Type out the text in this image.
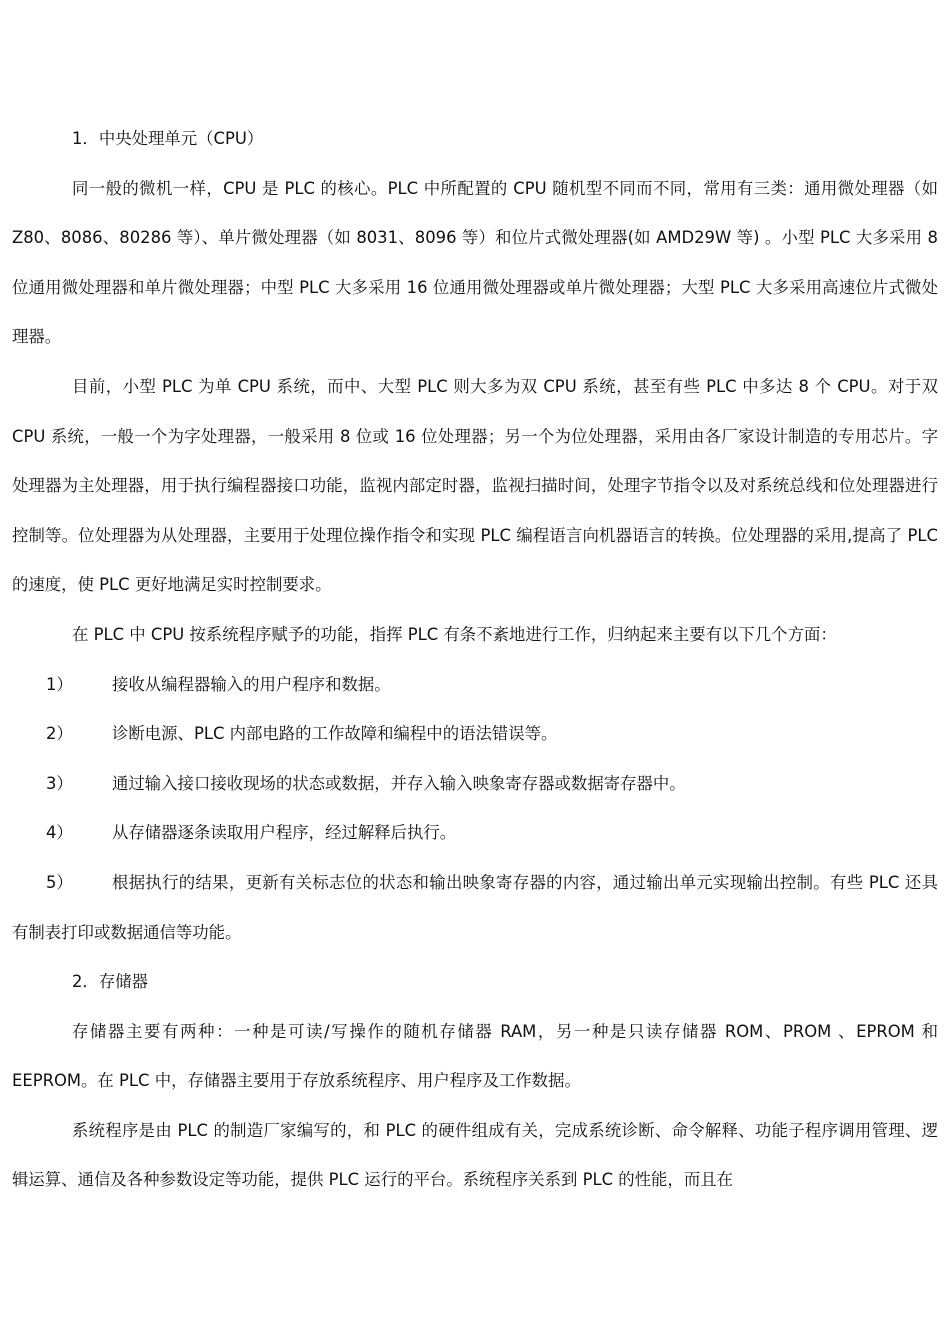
1．中央处理单元（CPU）

同一般的微机一样，CPU 是 PLC 的核心。PLC 中所配置的 CPU 随机型不同而不同，常用有三类：通用微处理器（如 Z80、8086、80286 等）、单片微处理器（如 8031、8096 等）和位片式微处理器(如 AMD29W 等) 。小型 PLC 大多采用 8 位通用微处理器和单片微处理器；中型 PLC 大多采用 16 位通用微处理器或单片微处理器；大型 PLC 大多采用高速位片式微处理器。

目前，小型 PLC 为单 CPU 系统，而中、大型 PLC 则大多为双 CPU 系统，甚至有些 PLC 中多达 8 个 CPU。对于双 CPU 系统，一般一个为字处理器，一般采用 8 位或 16 位处理器；另一个为位处理器，采用由各厂家设计制造的专用芯片。字处理器为主处理器，用于执行编程器接口功能，监视内部定时器，监视扫描时间，处理字节指令以及对系统总线和位处理器进行控制等。位处理器为从处理器，主要用于处理位操作指令和实现 PLC 编程语言向机器语言的转换。位处理器的采用,提高了 PLC 的速度，使 PLC 更好地满足实时控制要求。

在 PLC 中 CPU 按系统程序赋予的功能，指挥 PLC 有条不紊地进行工作，归纳起来主要有以下几个方面：

1） 接收从编程器输入的用户程序和数据。

2） 诊断电源、PLC 内部电路的工作故障和编程中的语法错误等。

3） 通过输入接口接收现场的状态或数据，并存入输入映象寄存器或数据寄存器中。

4） 从存储器逐条读取用户程序，经过解释后执行。

5） 根据执行的结果，更新有关标志位的状态和输出映象寄存器的内容，通过输出单元实现输出控制。有些 PLC 还具有制表打印或数据通信等功能。

2．存储器

存储器主要有两种：一种是可读/写操作的随机存储器 RAM，另一种是只读存储器 ROM、PROM 、EPROM 和 EEPROM。在 PLC 中，存储器主要用于存放系统程序、用户程序及工作数据。

系统程序是由 PLC 的制造厂家编写的，和 PLC 的硬件组成有关，完成系统诊断、命令解释、功能子程序调用管理、逻辑运算、通信及各种参数设定等功能，提供 PLC 运行的平台。系统程序关系到 PLC 的性能，而且在
